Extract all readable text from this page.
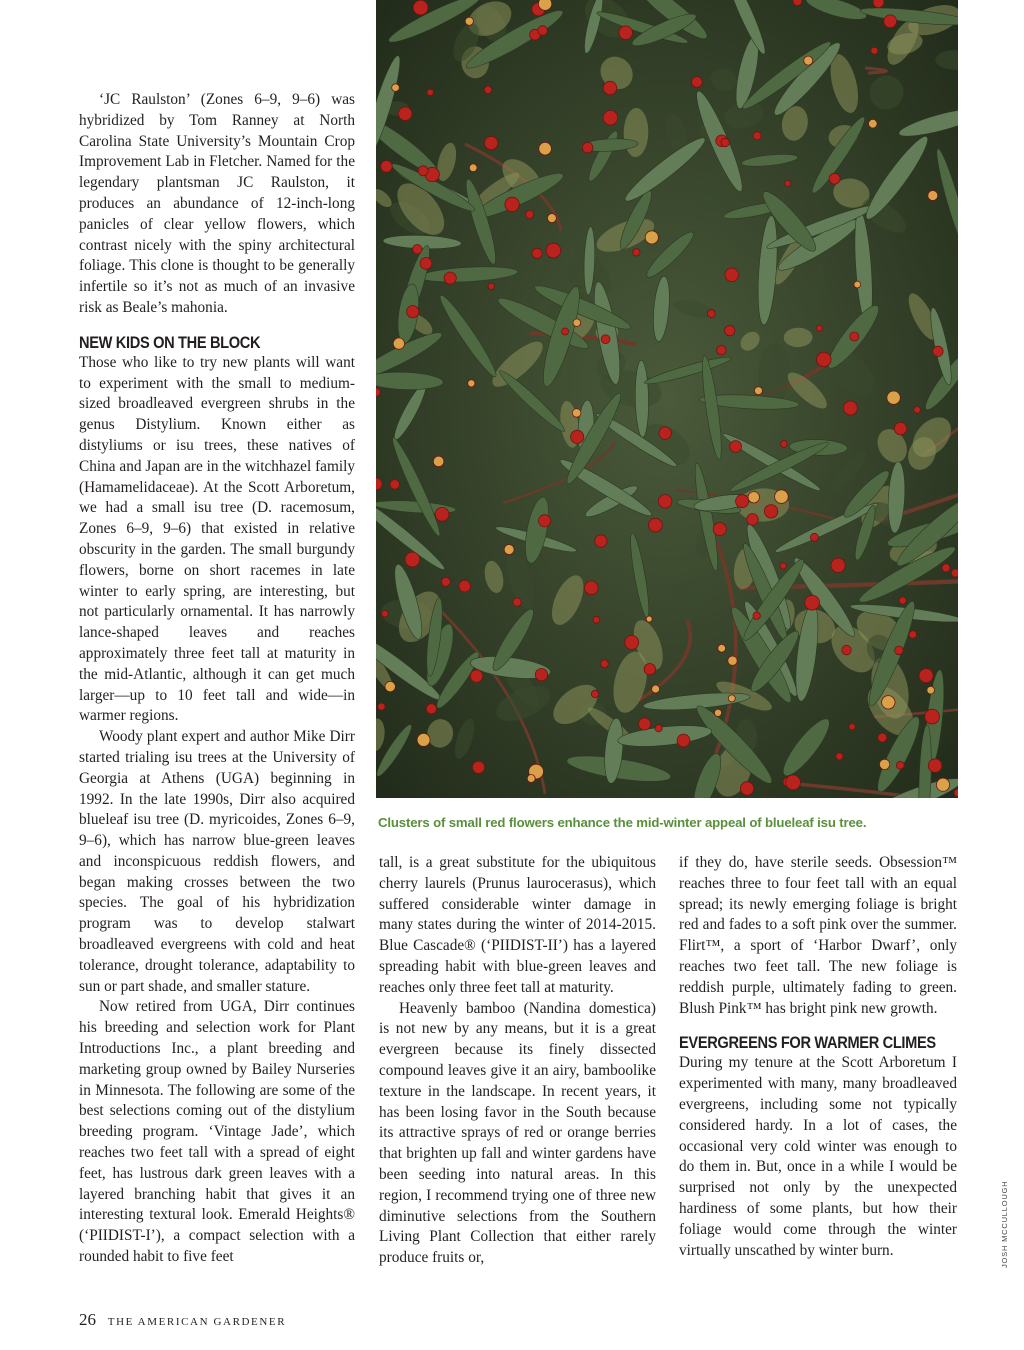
‘JC Raulston’ (Zones 6–9, 9–6) was hybridized by Tom Ranney at North Carolina State University’s Mountain Crop Improvement Lab in Fletcher. Named for the legendary plantsman JC Raulston, it produces an abundance of 12-inch-long panicles of clear yellow flowers, which contrast nicely with the spiny architectural foliage. This clone is thought to be generally infertile so it’s not as much of an invasive risk as Beale’s mahonia.

NEW KIDS ON THE BLOCK

Those who like to try new plants will want to experiment with the small to medium-sized broadleaved evergreen shrubs in the genus Distylium. Known either as distyliums or isu trees, these natives of China and Japan are in the witchhazel family (Hamamelidaceae). At the Scott Arboretum, we had a small isu tree (D. racemosum, Zones 6–9, 9–6) that existed in relative obscurity in the garden. The small burgundy flowers, borne on short racemes in late winter to early spring, are interesting, but not particularly ornamental. It has narrowly lance-shaped leaves and reaches approximately three feet tall at maturity in the mid-Atlantic, although it can get much larger—up to 10 feet tall and wide—in warmer regions.

Woody plant expert and author Mike Dirr started trialing isu trees at the University of Georgia at Athens (UGA) beginning in 1992. In the late 1990s, Dirr also acquired blueleaf isu tree (D. myricoides, Zones 6–9, 9–6), which has narrow blue-green leaves and inconspicuous reddish flowers, and began making crosses between the two species. The goal of his hybridization program was to develop stalwart broadleaved evergreens with cold and heat tolerance, drought tolerance, adaptability to sun or part shade, and smaller stature.

Now retired from UGA, Dirr continues his breeding and selection work for Plant Introductions Inc., a plant breeding and marketing group owned by Bailey Nurseries in Minnesota. The following are some of the best selections coming out of the distylium breeding program. ‘Vintage Jade’, which reaches two feet tall with a spread of eight feet, has lustrous dark green leaves with a layered branching habit that gives it an interesting textural look. Emerald Heights® (‘PIIDIST-I’), a compact selection with a rounded habit to five feet

Clusters of small red flowers enhance the mid-winter appeal of blueleaf isu tree.

tall, is a great substitute for the ubiquitous cherry laurels (Prunus laurocerasus), which suffered considerable winter damage in many states during the winter of 2014-2015. Blue Cascade® (‘PIIDIST-II’) has a layered spreading habit with blue-green leaves and reaches only three feet tall at maturity.

Heavenly bamboo (Nandina domestica) is not new by any means, but it is a great evergreen because its finely dissected compound leaves give it an airy, bamboolike texture in the landscape. In recent years, it has been losing favor in the South because its attractive sprays of red or orange berries that brighten up fall and winter gardens have been seeding into natural areas. In this region, I recommend trying one of three new diminutive selections from the Southern Living Plant Collection that either rarely produce fruits or,

if they do, have sterile seeds. Obsession™ reaches three to four feet tall with an equal spread; its newly emerging foliage is bright red and fades to a soft pink over the summer. Flirt™, a sport of ‘Harbor Dwarf’, only reaches two feet tall. The new foliage is reddish purple, ultimately fading to green. Blush Pink™ has bright pink new growth.

EVERGREENS FOR WARMER CLIMES

During my tenure at the Scott Arboretum I experimented with many, many broadleaved evergreens, including some not typically considered hardy. In a lot of cases, the occasional very cold winter was enough to do them in. But, once in a while I would be surprised not only by the unexpected hardiness of some plants, but how their foliage would come through the winter virtually unscathed by winter burn.	JOSH MCCULLOUGH
26 THE AMERICAN GARDENER
